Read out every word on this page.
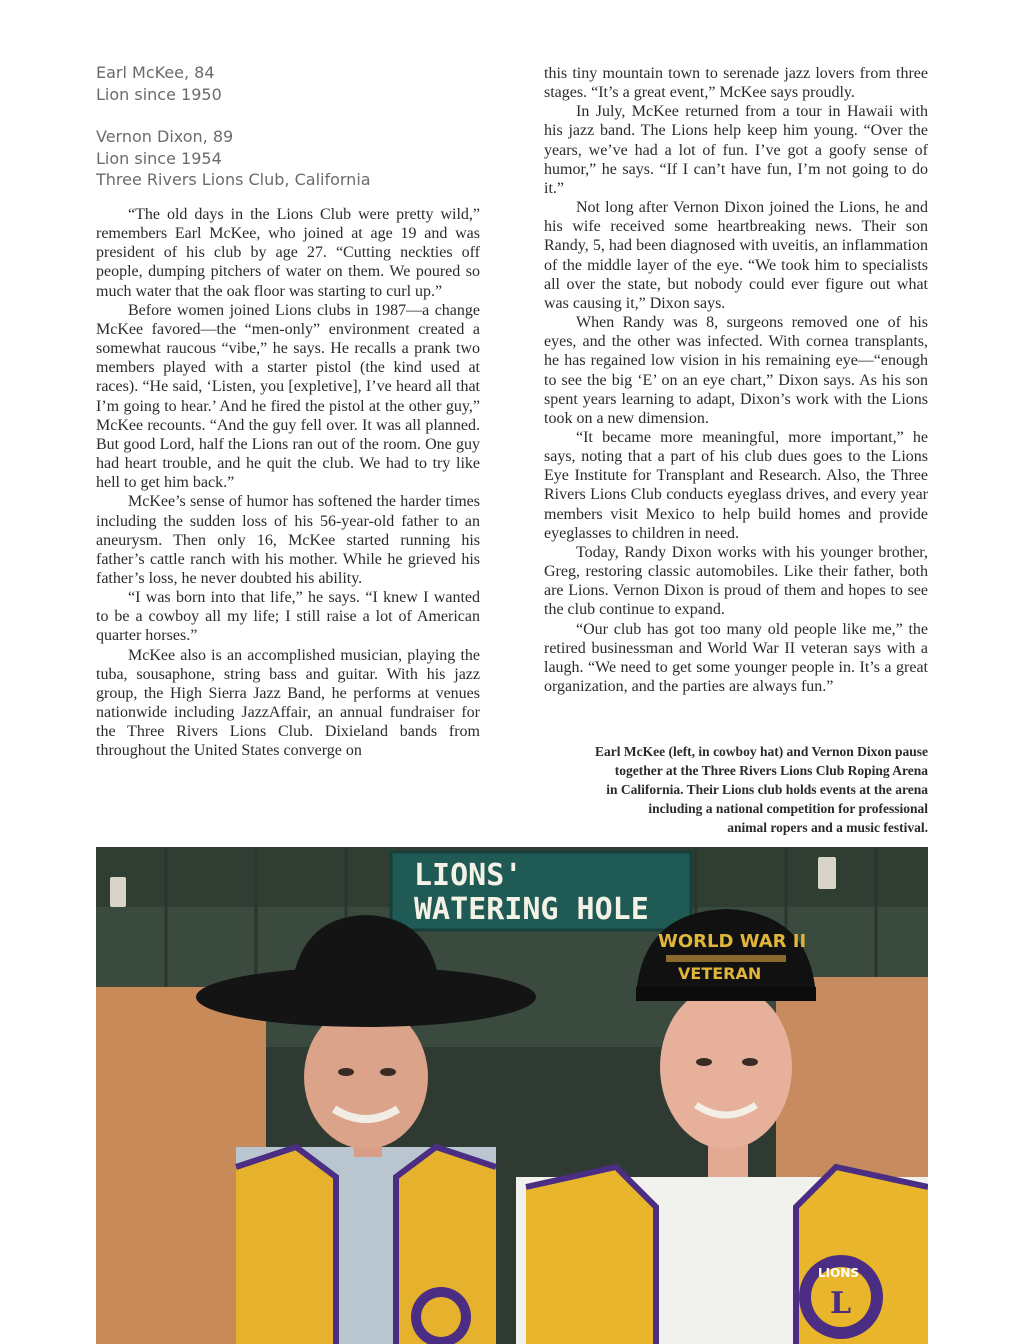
Earl McKee, 84

Lion since 1950

Vernon Dixon, 89

Lion since 1954

Three Rivers Lions Club, California

“The old days in the Lions Club were pretty wild,” remembers Earl McKee, who joined at age 19 and was president of his club by age 27. “Cutting neckties off people, dumping pitchers of water on them. We poured so much water that the oak floor was starting to curl up.”

Before women joined Lions clubs in 1987—a change McKee favored—the “men-only” environment created a somewhat raucous “vibe,” he says. He recalls a prank two members played with a starter pistol (the kind used at races). “He said, ‘Listen, you [expletive], I’ve heard all that I’m going to hear.’ And he fired the pistol at the other guy,” McKee recounts. “And the guy fell over. It was all planned. But good Lord, half the Lions ran out of the room. One guy had heart trouble, and he quit the club. We had to try like hell to get him back.”

McKee’s sense of humor has softened the harder times including the sudden loss of his 56-year-old father to an aneurysm. Then only 16, McKee started running his father’s cattle ranch with his mother. While he grieved his father’s loss, he never doubted his ability.

“I was born into that life,” he says. “I knew I wanted to be a cowboy all my life; I still raise a lot of American quarter horses.”

McKee also is an accomplished musician, playing the tuba, sousaphone, string bass and guitar. With his jazz group, the High Sierra Jazz Band, he performs at venues nationwide including JazzAffair, an annual fundraiser for the Three Rivers Lions Club. Dixieland bands from throughout the United States converge on

this tiny mountain town to serenade jazz lovers from three stages. “It’s a great event,” McKee says proudly.

In July, McKee returned from a tour in Hawaii with his jazz band. The Lions help keep him young. “Over the years, we’ve had a lot of fun. I’ve got a goofy sense of humor,” he says. “If I can’t have fun, I’m not going to do it.”

Not long after Vernon Dixon joined the Lions, he and his wife received some heartbreaking news. Their son Randy, 5, had been diagnosed with uveitis, an inflammation of the middle layer of the eye. “We took him to specialists all over the state, but nobody could ever figure out what was causing it,” Dixon says.

When Randy was 8, surgeons removed one of his eyes, and the other was infected. With cornea transplants, he has regained low vision in his remaining eye—“enough to see the big ‘E’ on an eye chart,” Dixon says. As his son spent years learning to adapt, Dixon’s work with the Lions took on a new dimension.

“It became more meaningful, more important,” he says, noting that a part of his club dues goes to the Lions Eye Institute for Transplant and Research. Also, the Three Rivers Lions Club conducts eyeglass drives, and every year members visit Mexico to help build homes and provide eyeglasses to children in need.

Today, Randy Dixon works with his younger brother, Greg, restoring classic automobiles. Like their father, both are Lions. Vernon Dixon is proud of them and hopes to see the club continue to expand.

“Our club has got too many old people like me,” the retired businessman and World War II veteran says with a laugh. “We need to get some younger people in. It’s a great organization, and the parties are always fun.”

Earl McKee (left, in cowboy hat) and Vernon Dixon pause

together at the Three Rivers Lions Club Roping Arena

in California. Their Lions club holds events at the arena

including a national competition for professional

animal ropers and a music festival.

LIONS'
WATERING HOLE
WORLD WAR II
VETERAN
LIONS
L
